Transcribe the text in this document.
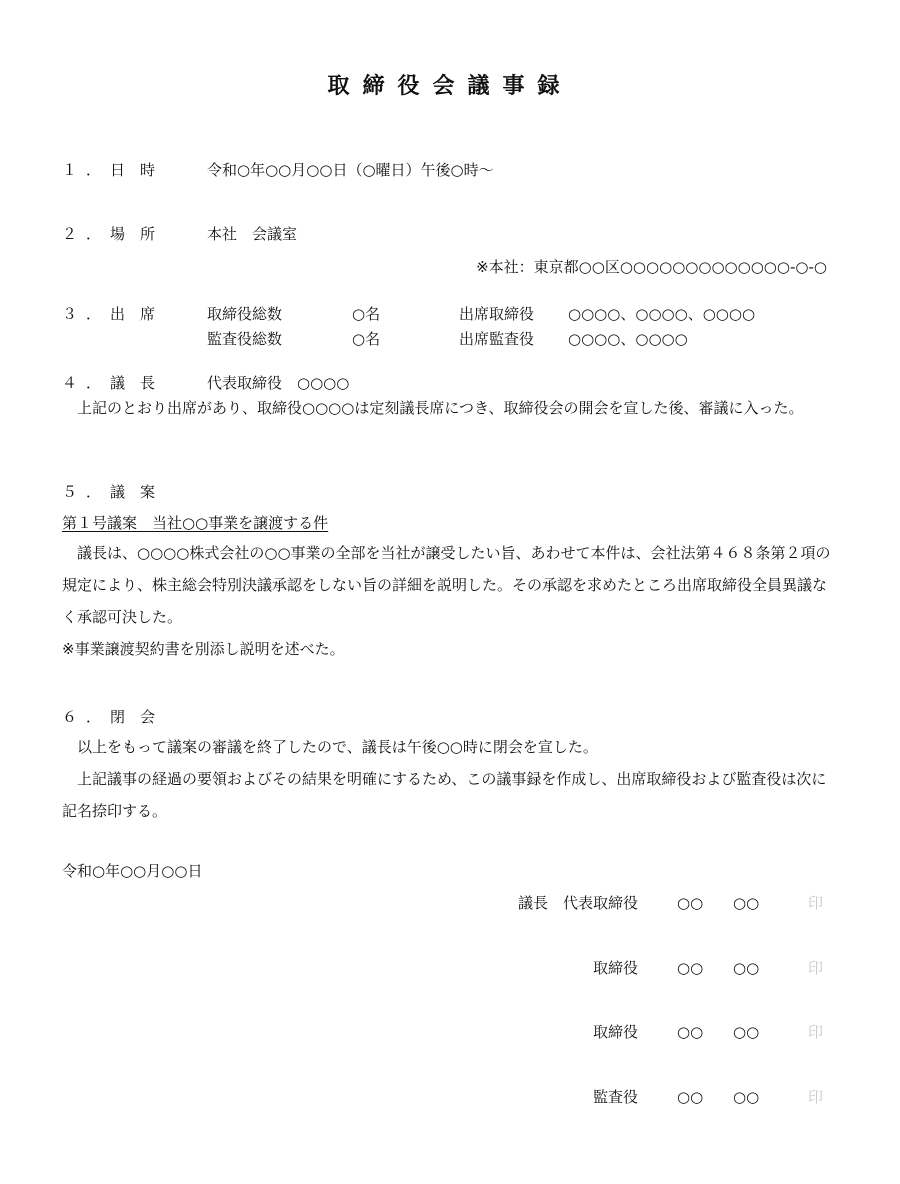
取締役会議事録
１．日　時	令和○年○○月○○日（○曜日）午後○時～
２．場　所	本社　会議室
※本社：東京都○○区○○○○○○○○○○○○○-○-○
３．出　席	取締役総数	○名	出席取締役 ○○○○、○○○○、○○○○
監査役総数	○名	出席監査役 ○○○○、○○○○
４．議　長	代表取締役　○○○○
上記のとおり出席があり、取締役○○○○は定刻議長席につき、取締役会の開会を宣した後、審議に入った。
５．議　案
第１号議案　当社○○事業を譲渡する件
議長は、○○○○株式会社の○○事業の全部を当社が譲受したい旨、あわせて本件は、会社法第４６８条第２項の規定により、株主総会特別決議承認をしない旨の詳細を説明した。その承認を求めたところ出席取締役全員異議なく承認可決した。
※事業譲渡契約書を別添し説明を述べた。
６．閉　会
以上をもって議案の審議を終了したので、議長は午後○○時に閉会を宣した。
上記議事の経過の要領およびその結果を明確にするため、この議事録を作成し、出席取締役および監査役は次に記名捺印する。
令和○年○○月○○日
議長　代表取締役	○○ ○○	印
取締役	○○ ○○	印
取締役	○○ ○○	印
監査役	○○ ○○	印
